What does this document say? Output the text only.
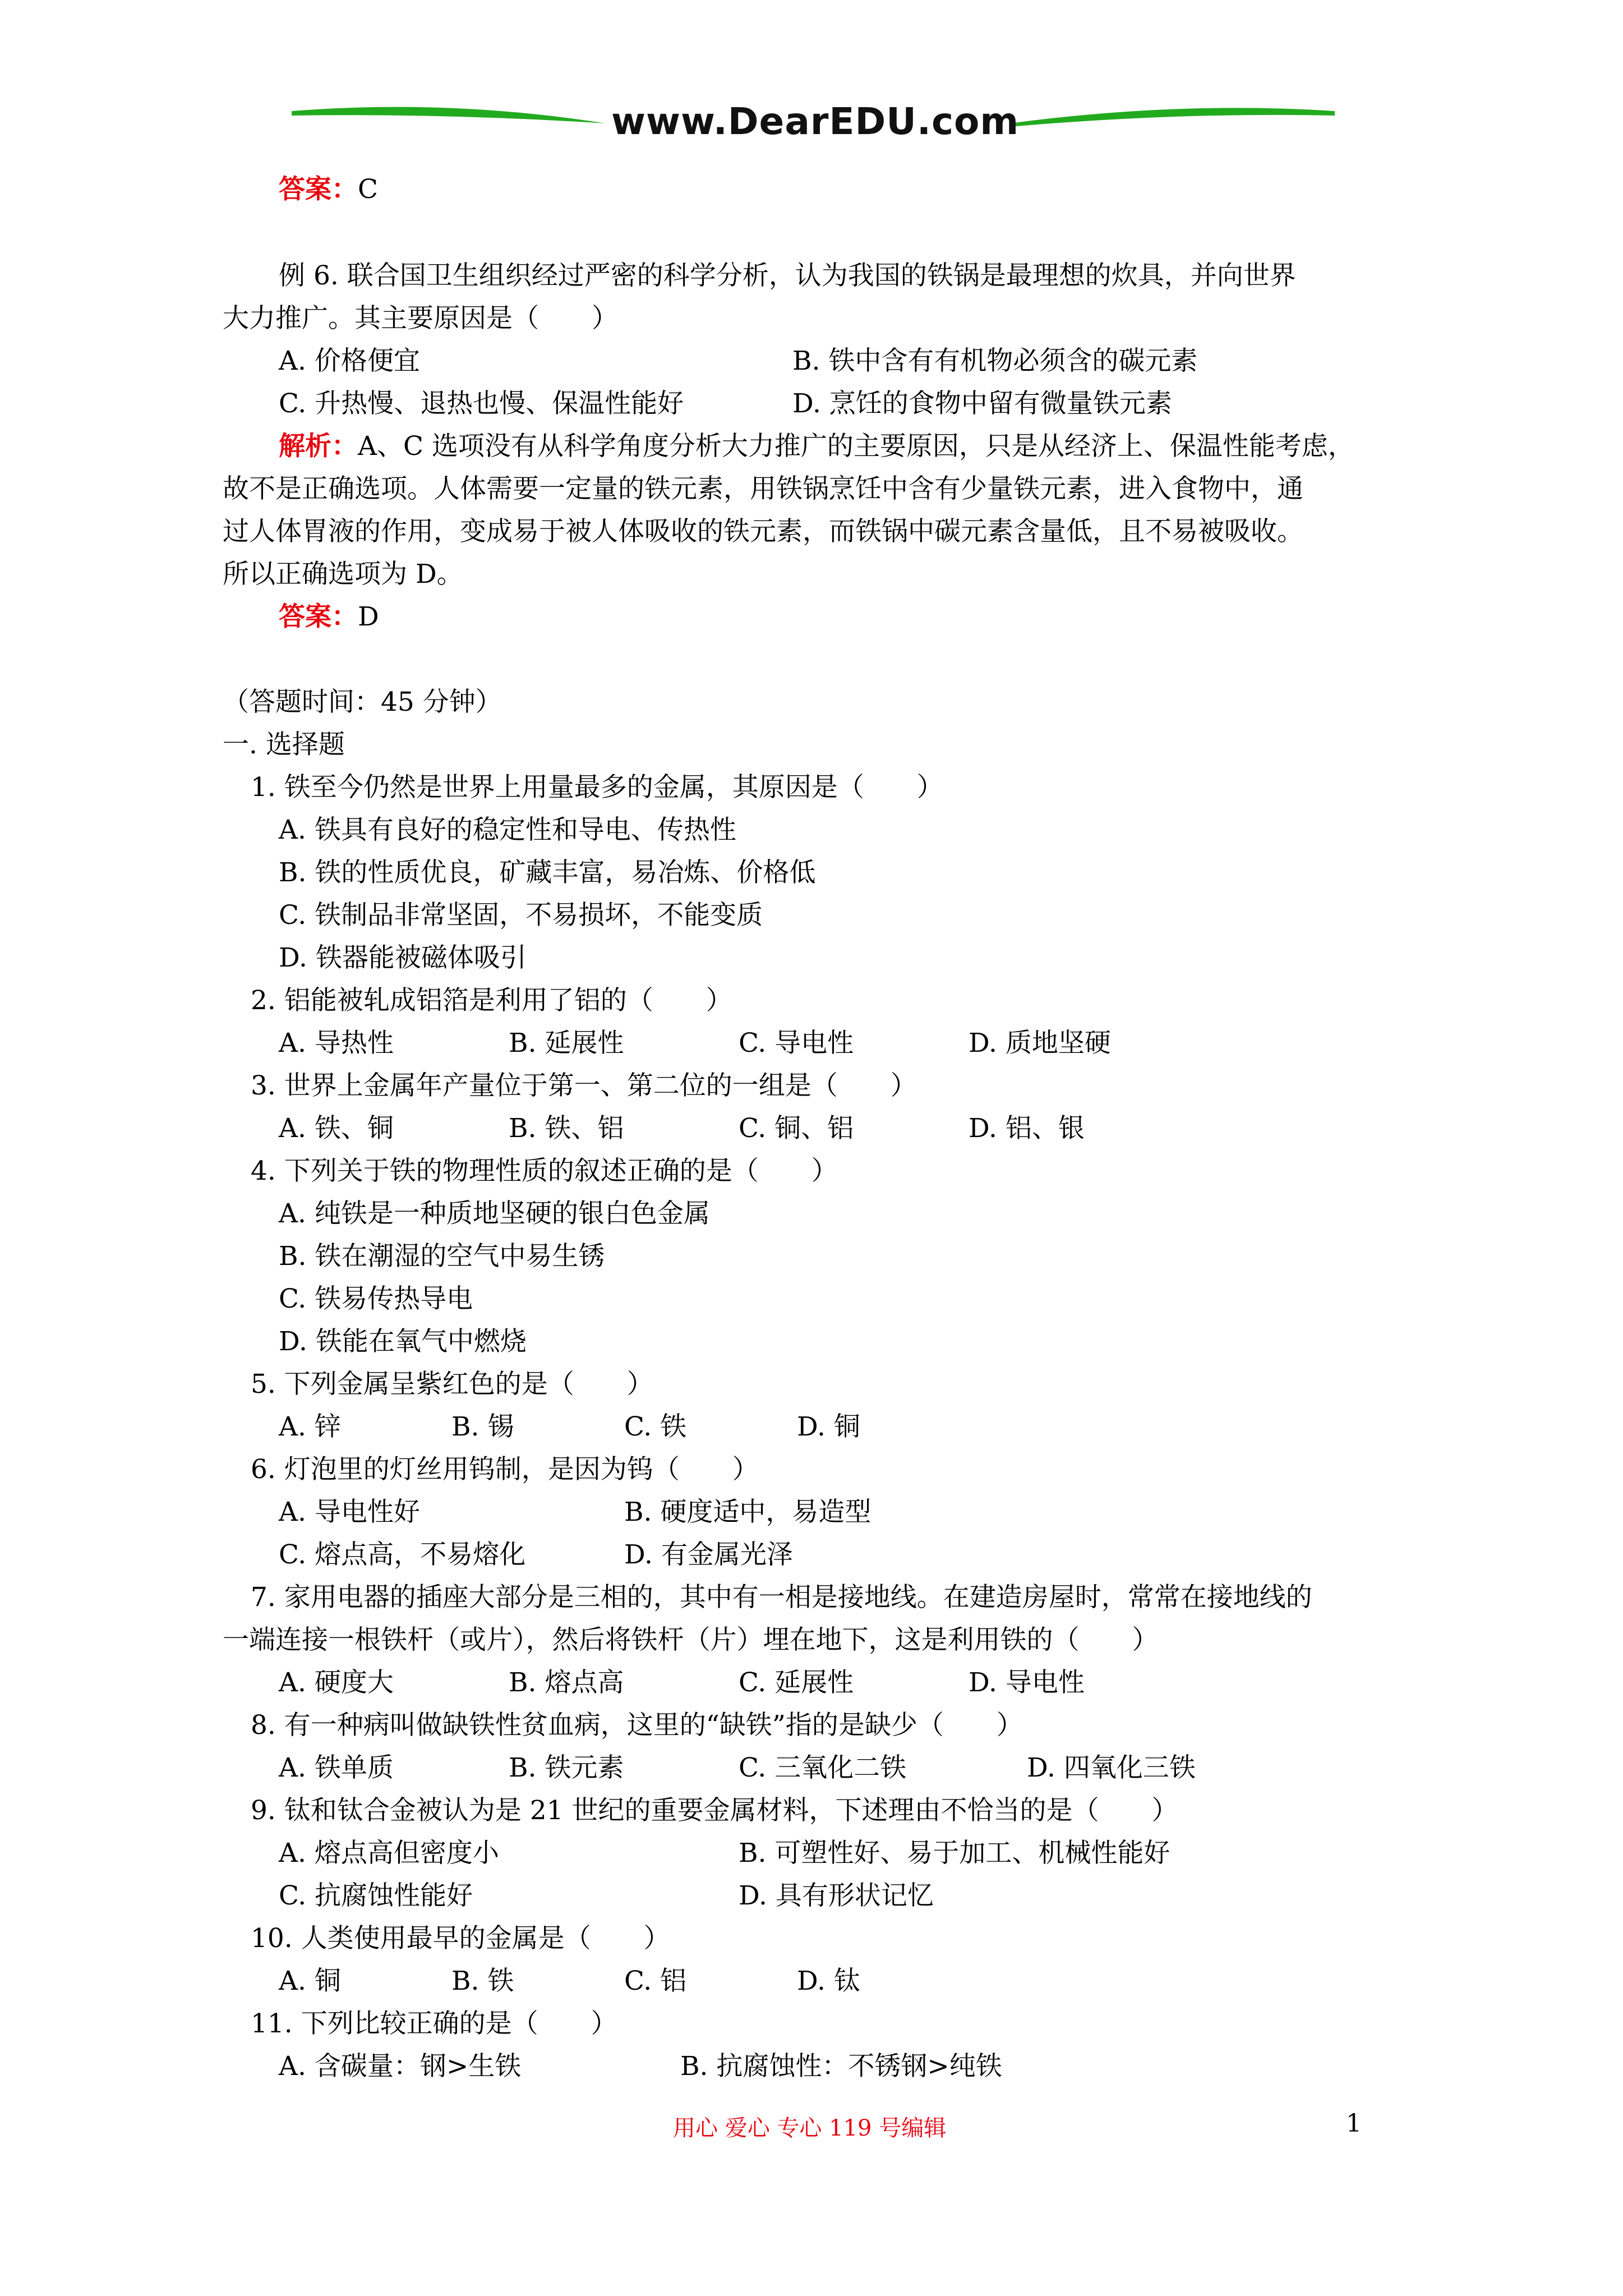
www.DearEDU.com
答案：C
例 6. 联合国卫生组织经过严密的科学分析，认为我国的铁锅是最理想的炊具，并向世界
大力推广。其主要原因是（　　）
A. 价格便宜	B. 铁中含有有机物必须含的碳元素
C. 升热慢、退热也慢、保温性能好	D. 烹饪的食物中留有微量铁元素
解析：A、C 选项没有从科学角度分析大力推广的主要原因，只是从经济上、保温性能考虑，
故不是正确选项。人体需要一定量的铁元素，用铁锅烹饪中含有少量铁元素，进入食物中，通
过人体胃液的作用，变成易于被人体吸收的铁元素，而铁锅中碳元素含量低，且不易被吸收。
所以正确选项为 D。
答案：D
（答题时间：45 分钟）
一. 选择题
1. 铁至今仍然是世界上用量最多的金属，其原因是（　　）
A. 铁具有良好的稳定性和导电、传热性
B. 铁的性质优良，矿藏丰富，易冶炼、价格低
C. 铁制品非常坚固，不易损坏，不能变质
D. 铁器能被磁体吸引
2. 铝能被轧成铝箔是利用了铝的（　　）
A. 导热性	B. 延展性	C. 导电性	D. 质地坚硬
3. 世界上金属年产量位于第一、第二位的一组是（　　）
A. 铁、铜	B. 铁、铝	C. 铜、铝	D. 铝、银
4. 下列关于铁的物理性质的叙述正确的是（　　）
A. 纯铁是一种质地坚硬的银白色金属
B. 铁在潮湿的空气中易生锈
C. 铁易传热导电
D. 铁能在氧气中燃烧
5. 下列金属呈紫红色的是（　　）
A. 锌	B. 锡	C. 铁	D. 铜
6. 灯泡里的灯丝用钨制，是因为钨（　　）
A. 导电性好	B. 硬度适中，易造型
C. 熔点高，不易熔化	D. 有金属光泽
7. 家用电器的插座大部分是三相的，其中有一相是接地线。在建造房屋时，常常在接地线的
一端连接一根铁杆（或片），然后将铁杆（片）埋在地下，这是利用铁的（　　）
A. 硬度大	B. 熔点高	C. 延展性	D. 导电性
8. 有一种病叫做缺铁性贫血病，这里的“缺铁”指的是缺少（　　）
A. 铁单质	B. 铁元素	C. 三氧化二铁	D. 四氧化三铁
9. 钛和钛合金被认为是 21 世纪的重要金属材料，下述理由不恰当的是（　　）
A. 熔点高但密度小	B. 可塑性好、易于加工、机械性能好
C. 抗腐蚀性能好	D. 具有形状记忆
10. 人类使用最早的金属是（　　）
A. 铜	B. 铁	C. 铝	D. 钛
11. 下列比较正确的是（　　）
A. 含碳量：钢>生铁	B. 抗腐蚀性：不锈钢>纯铁
用心 爱心 专心 119 号编辑	1
